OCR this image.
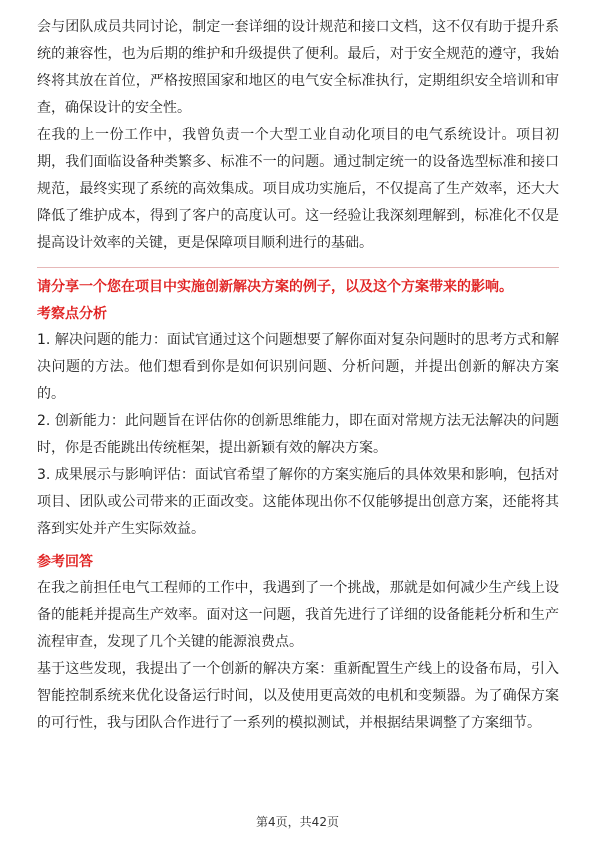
会与团队成员共同讨论，制定一套详细的设计规范和接口文档，这不仅有助于提升系统的兼容性，也为后期的维护和升级提供了便利。最后，对于安全规范的遵守，我始终将其放在首位，严格按照国家和地区的电气安全标准执行，定期组织安全培训和审查，确保设计的安全性。

在我的上一份工作中，我曾负责一个大型工业自动化项目的电气系统设计。项目初期，我们面临设备种类繁多、标准不一的问题。通过制定统一的设备选型标准和接口规范，最终实现了系统的高效集成。项目成功实施后，不仅提高了生产效率，还大大降低了维护成本，得到了客户的高度认可。这一经验让我深刻理解到，标准化不仅是提高设计效率的关键，更是保障项目顺利进行的基础。

请分享一个您在项目中实施创新解决方案的例子，以及这个方案带来的影响。

考察点分析

1. 解决问题的能力：面试官通过这个问题想要了解你面对复杂问题时的思考方式和解决问题的方法。他们想看到你是如何识别问题、分析问题，并提出创新的解决方案的。

2. 创新能力：此问题旨在评估你的创新思维能力，即在面对常规方法无法解决的问题时，你是否能跳出传统框架，提出新颖有效的解决方案。

3. 成果展示与影响评估：面试官希望了解你的方案实施后的具体效果和影响，包括对项目、团队或公司带来的正面改变。这能体现出你不仅能够提出创意方案，还能将其落到实处并产生实际效益。

参考回答

在我之前担任电气工程师的工作中，我遇到了一个挑战，那就是如何减少生产线上设备的能耗并提高生产效率。面对这一问题，我首先进行了详细的设备能耗分析和生产流程审查，发现了几个关键的能源浪费点。

基于这些发现，我提出了一个创新的解决方案：重新配置生产线上的设备布局，引入智能控制系统来优化设备运行时间，以及使用更高效的电机和变频器。为了确保方案的可行性，我与团队合作进行了一系列的模拟测试，并根据结果调整了方案细节。

第4页，共42页
